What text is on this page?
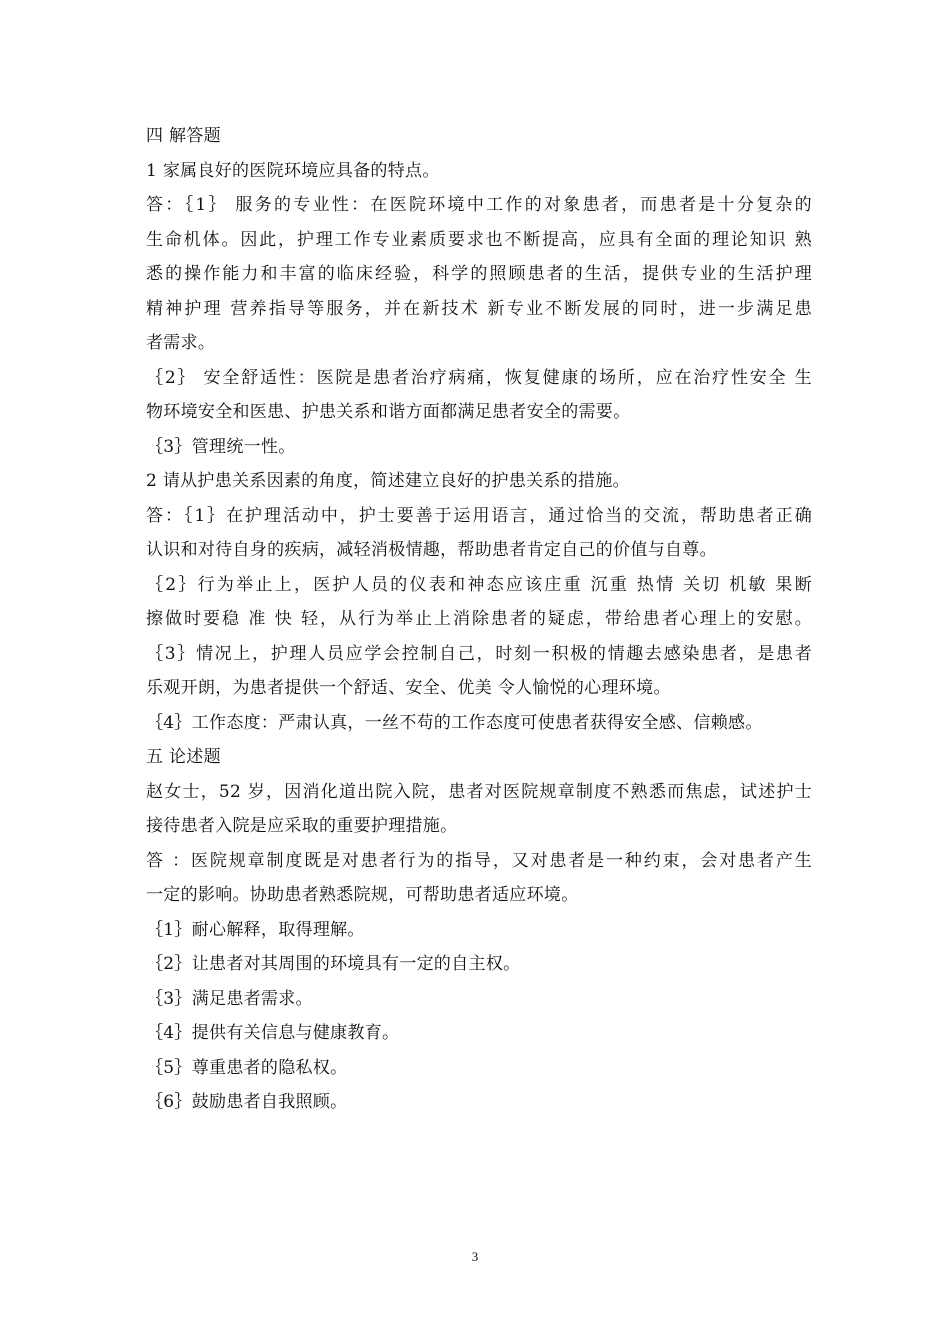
四 解答题
1 家属良好的医院环境应具备的特点。
答：｛1｝ 服务的专业性：在医院环境中工作的对象患者，而患者是十分复杂的
生命机体。因此，护理工作专业素质要求也不断提高，应具有全面的理论知识 熟
悉的操作能力和丰富的临床经验，科学的照顾患者的生活，提供专业的生活护理
精神护理 营养指导等服务，并在新技术 新专业不断发展的同时，进一步满足患
者需求。
｛2｝ 安全舒适性：医院是患者治疗病痛，恢复健康的场所，应在治疗性安全 生
物环境安全和医患、护患关系和谐方面都满足患者安全的需要。
｛3｝管理统一性。
2 请从护患关系因素的角度，简述建立良好的护患关系的措施。
答：｛1｝在护理活动中，护士要善于运用语言，通过恰当的交流，帮助患者正确
认识和对待自身的疾病，减轻消极情趣，帮助患者肯定自己的价值与自尊。
｛2｝行为举止上，医护人员的仪表和神态应该庄重 沉重 热情 关切 机敏 果断
擦做时要稳 准 快 轻，从行为举止上消除患者的疑虑，带给患者心理上的安慰。
｛3｝情况上，护理人员应学会控制自己，时刻一积极的情趣去感染患者，是患者
乐观开朗，为患者提供一个舒适、安全、优美 令人愉悦的心理环境。
｛4｝工作态度：严肃认真，一丝不苟的工作态度可使患者获得安全感、信赖感。
五 论述题
赵女士，52 岁，因消化道出院入院，患者对医院规章制度不熟悉而焦虑，试述护士
接待患者入院是应采取的重要护理措施。
答 ：医院规章制度既是对患者行为的指导，又对患者是一种约束，会对患者产生
一定的影响。协助患者熟悉院规，可帮助患者适应环境。
｛1｝耐心解释，取得理解。
｛2｝让患者对其周围的环境具有一定的自主权。
｛3｝满足患者需求。
｛4｝提供有关信息与健康教育。
｛5｝尊重患者的隐私权。
｛6｝鼓励患者自我照顾。
3
